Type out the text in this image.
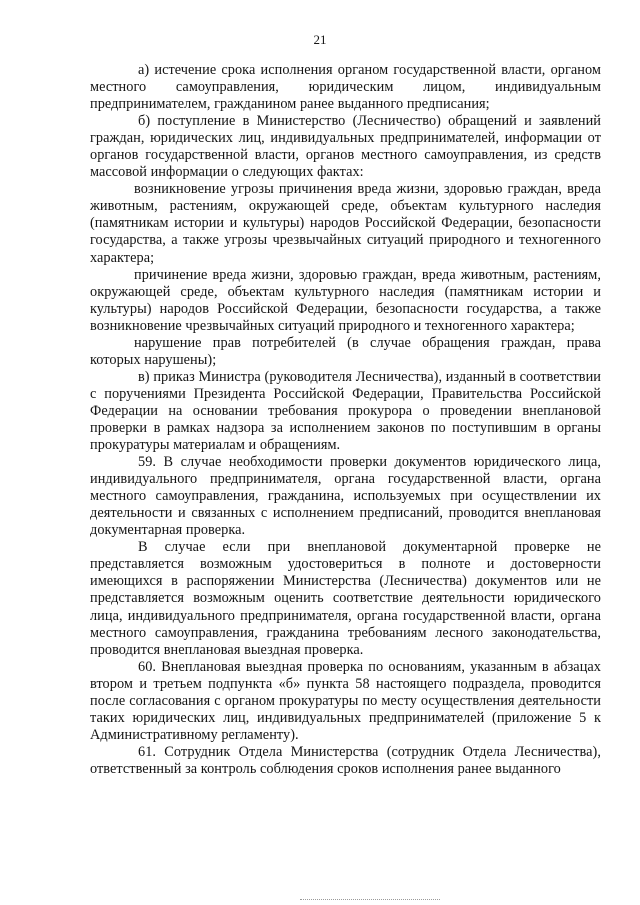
21

а) истечение срока исполнения органом государственной власти, органом местного самоуправления, юридическим лицом, индивидуальным предпринимателем, гражданином ранее выданного предписания;

б) поступление в Министерство (Лесничество) обращений и заявлений граждан, юридических лиц, индивидуальных предпринимателей, информации от органов государственной власти, органов местного самоуправления, из средств массовой информации о следующих фактах:

возникновение угрозы причинения вреда жизни, здоровью граждан, вреда животным, растениям, окружающей среде, объектам культурного наследия (памятникам истории и культуры) народов Российской Федерации, безопасности государства, а также угрозы чрезвычайных ситуаций природного и техногенного характера;

причинение вреда жизни, здоровью граждан, вреда животным, растениям, окружающей среде, объектам культурного наследия (памятникам истории и культуры) народов Российской Федерации, безопасности государства, а также возникновение чрезвычайных ситуаций природного и техногенного характера;

нарушение прав потребителей (в случае обращения граждан, права которых нарушены);

в) приказ Министра (руководителя Лесничества), изданный в соответствии с поручениями Президента Российской Федерации, Правительства Российской Федерации на основании требования прокурора о проведении внеплановой проверки в рамках надзора за исполнением законов по поступившим в органы прокуратуры материалам и обращениям.

59. В случае необходимости проверки документов юридического лица, индивидуального предпринимателя, органа государственной власти, органа местного самоуправления, гражданина, используемых при осуществлении их деятельности и связанных с исполнением предписаний, проводится внеплановая документарная проверка.

В случае если при внеплановой документарной проверке не представляется возможным удостовериться в полноте и достоверности имеющихся в распоряжении Министерства (Лесничества) документов или не представляется возможным оценить соответствие деятельности юридического лица, индивидуального предпринимателя, органа государственной власти, органа местного самоуправления, гражданина требованиям лесного законодательства, проводится внеплановая выездная проверка.

60. Внеплановая выездная проверка по основаниям, указанным в абзацах втором и третьем подпункта «б» пункта 58 настоящего подраздела, проводится после согласования с органом прокуратуры по месту осуществления деятельности таких юридических лиц, индивидуальных предпринимателей (приложение 5 к Административному регламенту).

61. Сотрудник Отдела Министерства (сотрудник Отдела Лесничества), ответственный за контроль соблюдения сроков исполнения ранее выданного
